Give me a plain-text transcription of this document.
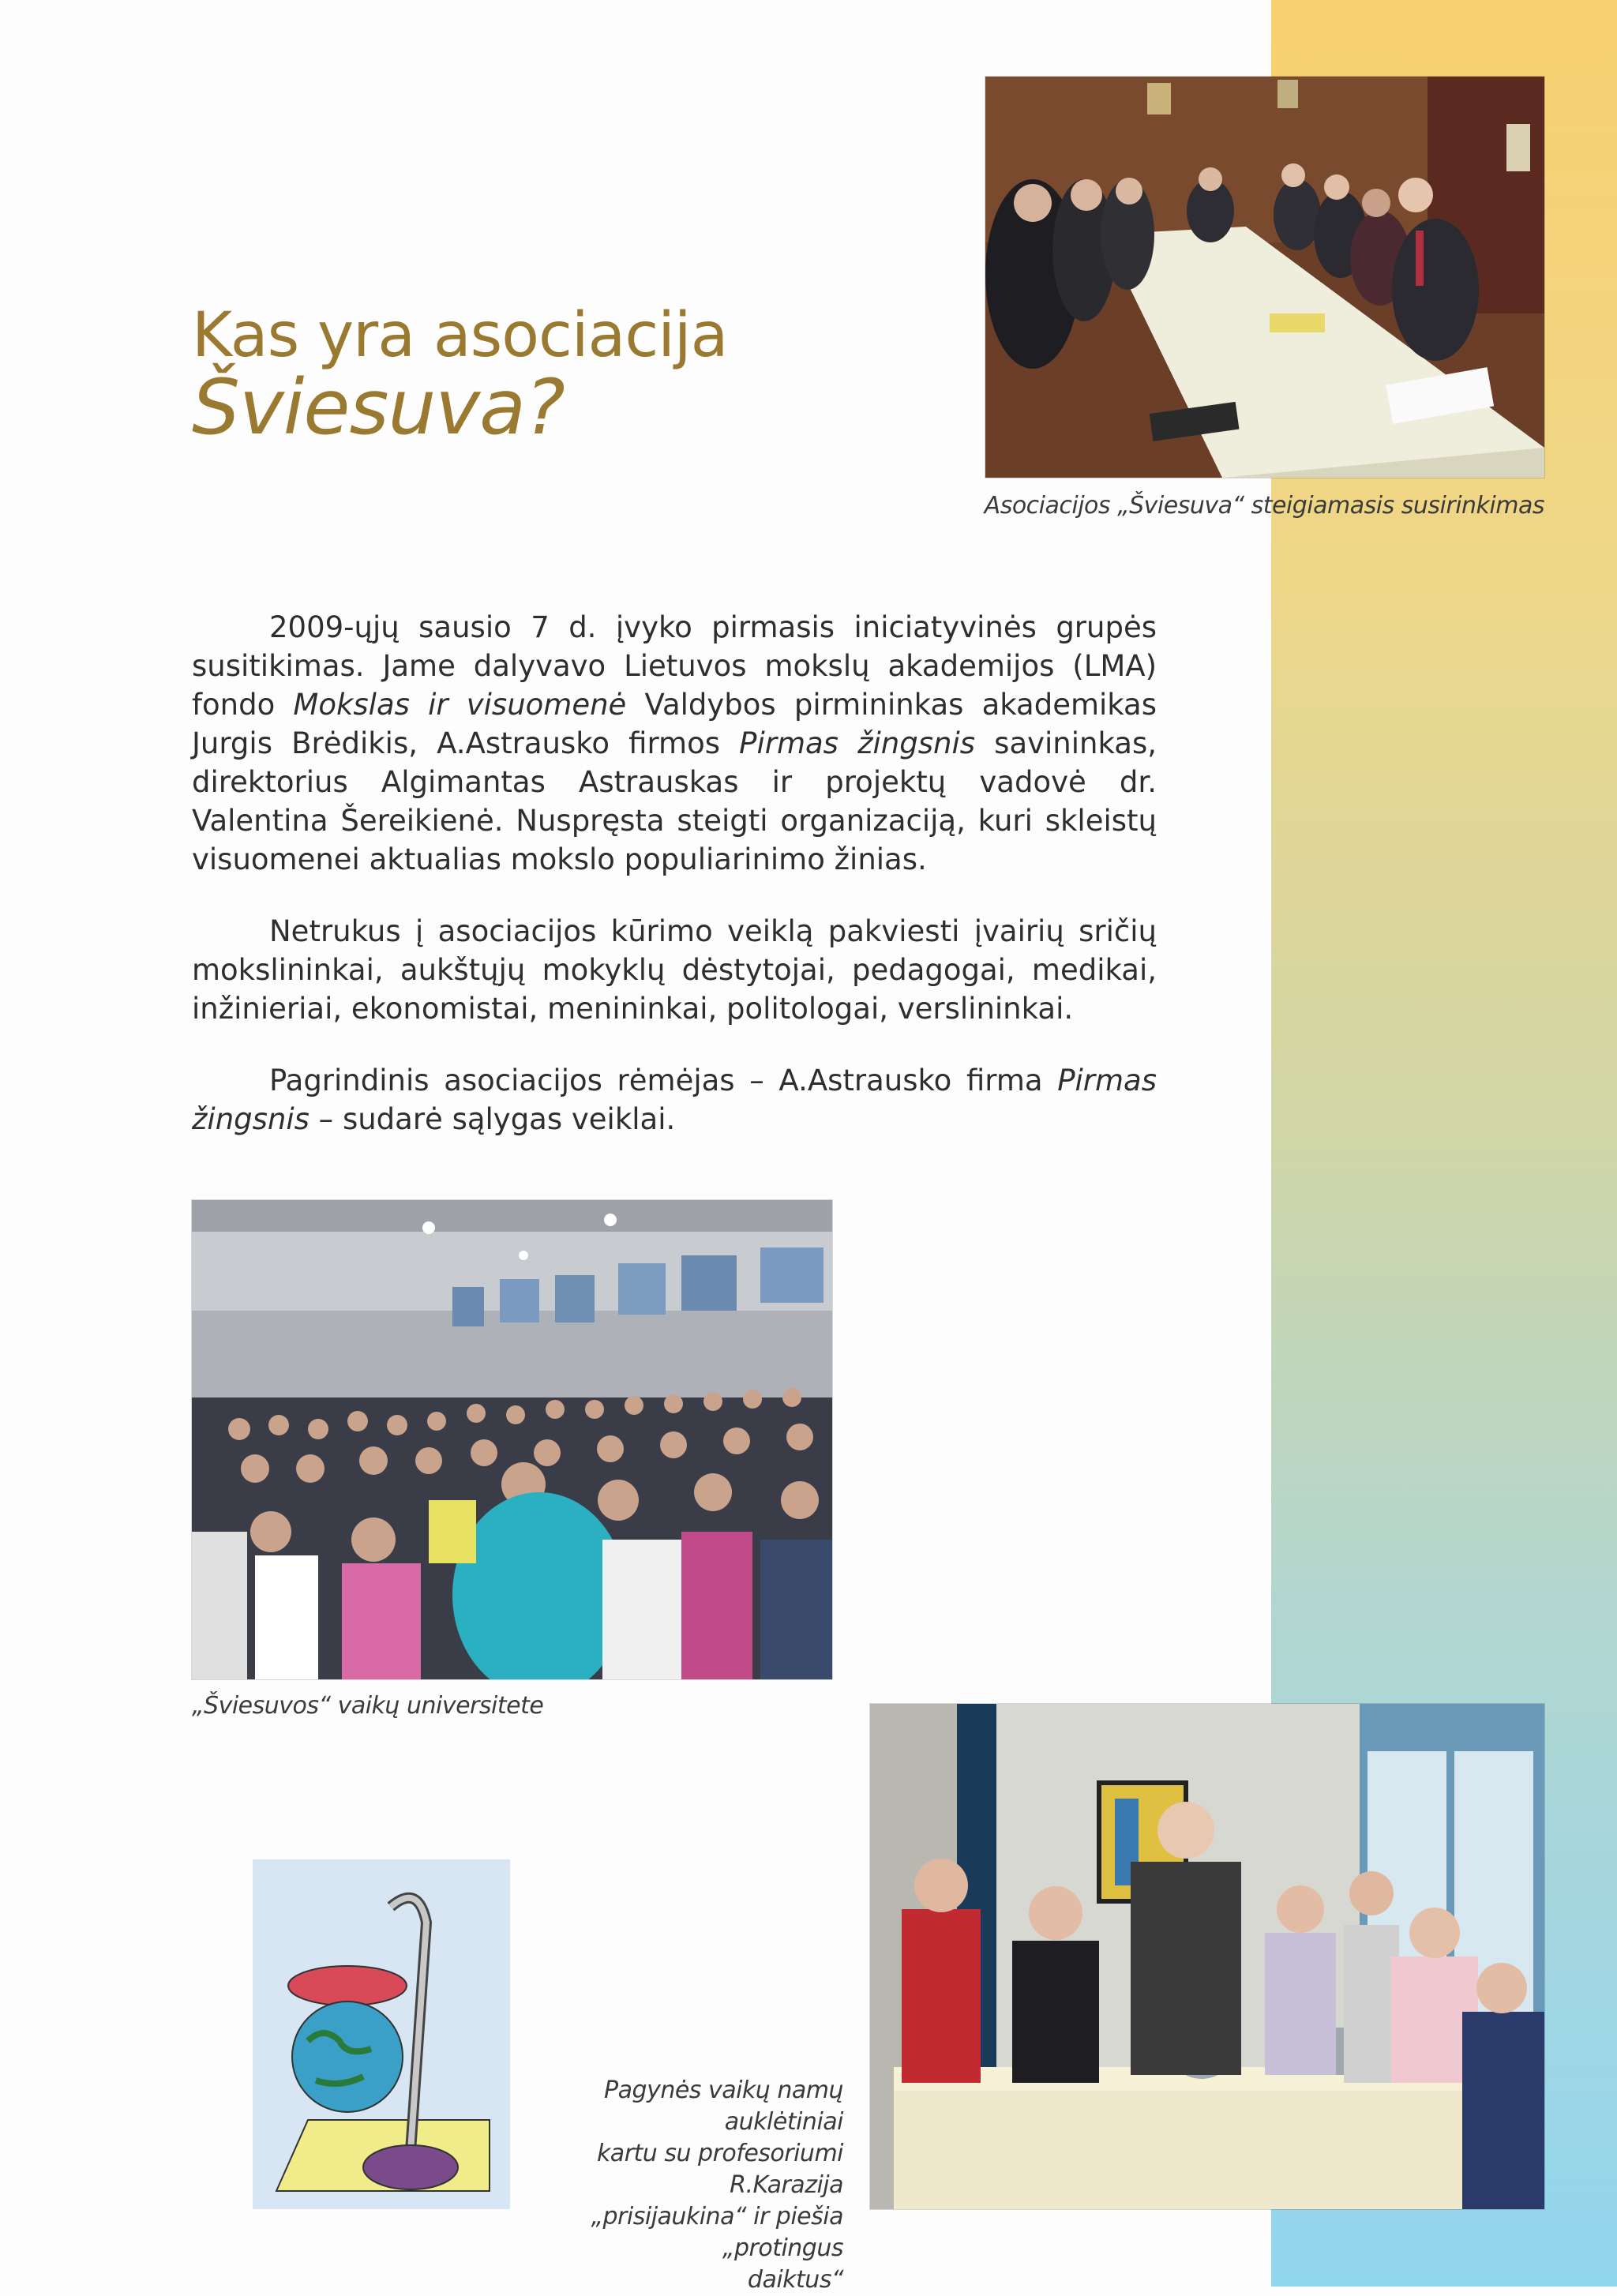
Kas yra asociacija
Šviesuva?
Asociacijos „Šviesuva“ steigiamasis susirinkimas

2009-ųjų sausio 7 d. įvyko pirmasis iniciatyvinės grupės susitikimas. Jame dalyvavo Lietuvos mokslų akademijos (LMA) fondo Mokslas ir visuomenė Valdybos pirmininkas akademikas Jurgis Brėdikis, A.Astrausko firmos Pirmas žingsnis savininkas, direktorius Algimantas Astrauskas ir projektų vadovė dr. Valentina Šereikienė. Nuspręsta steigti organizaciją, kuri skleistų visuomenei aktualias mokslo populiarinimo žinias.

Netrukus į asociacijos kūrimo veiklą pakviesti įvairių sričių mokslininkai, aukštųjų mokyklų dėstytojai, pedagogai, medikai, inžinieriai, ekonomistai, menininkai, politologai, verslininkai.

Pagrindinis asociacijos rėmėjas – A.Astrausko firma Pirmas žingsnis – sudarė sąlygas veiklai.

„Šviesuvos“ vaikų universitete
Pagynės vaikų namų auklėtiniai
kartu su profesoriumi R.Karazija
„prisijaukina“ ir piešia „protingus
daiktus“
